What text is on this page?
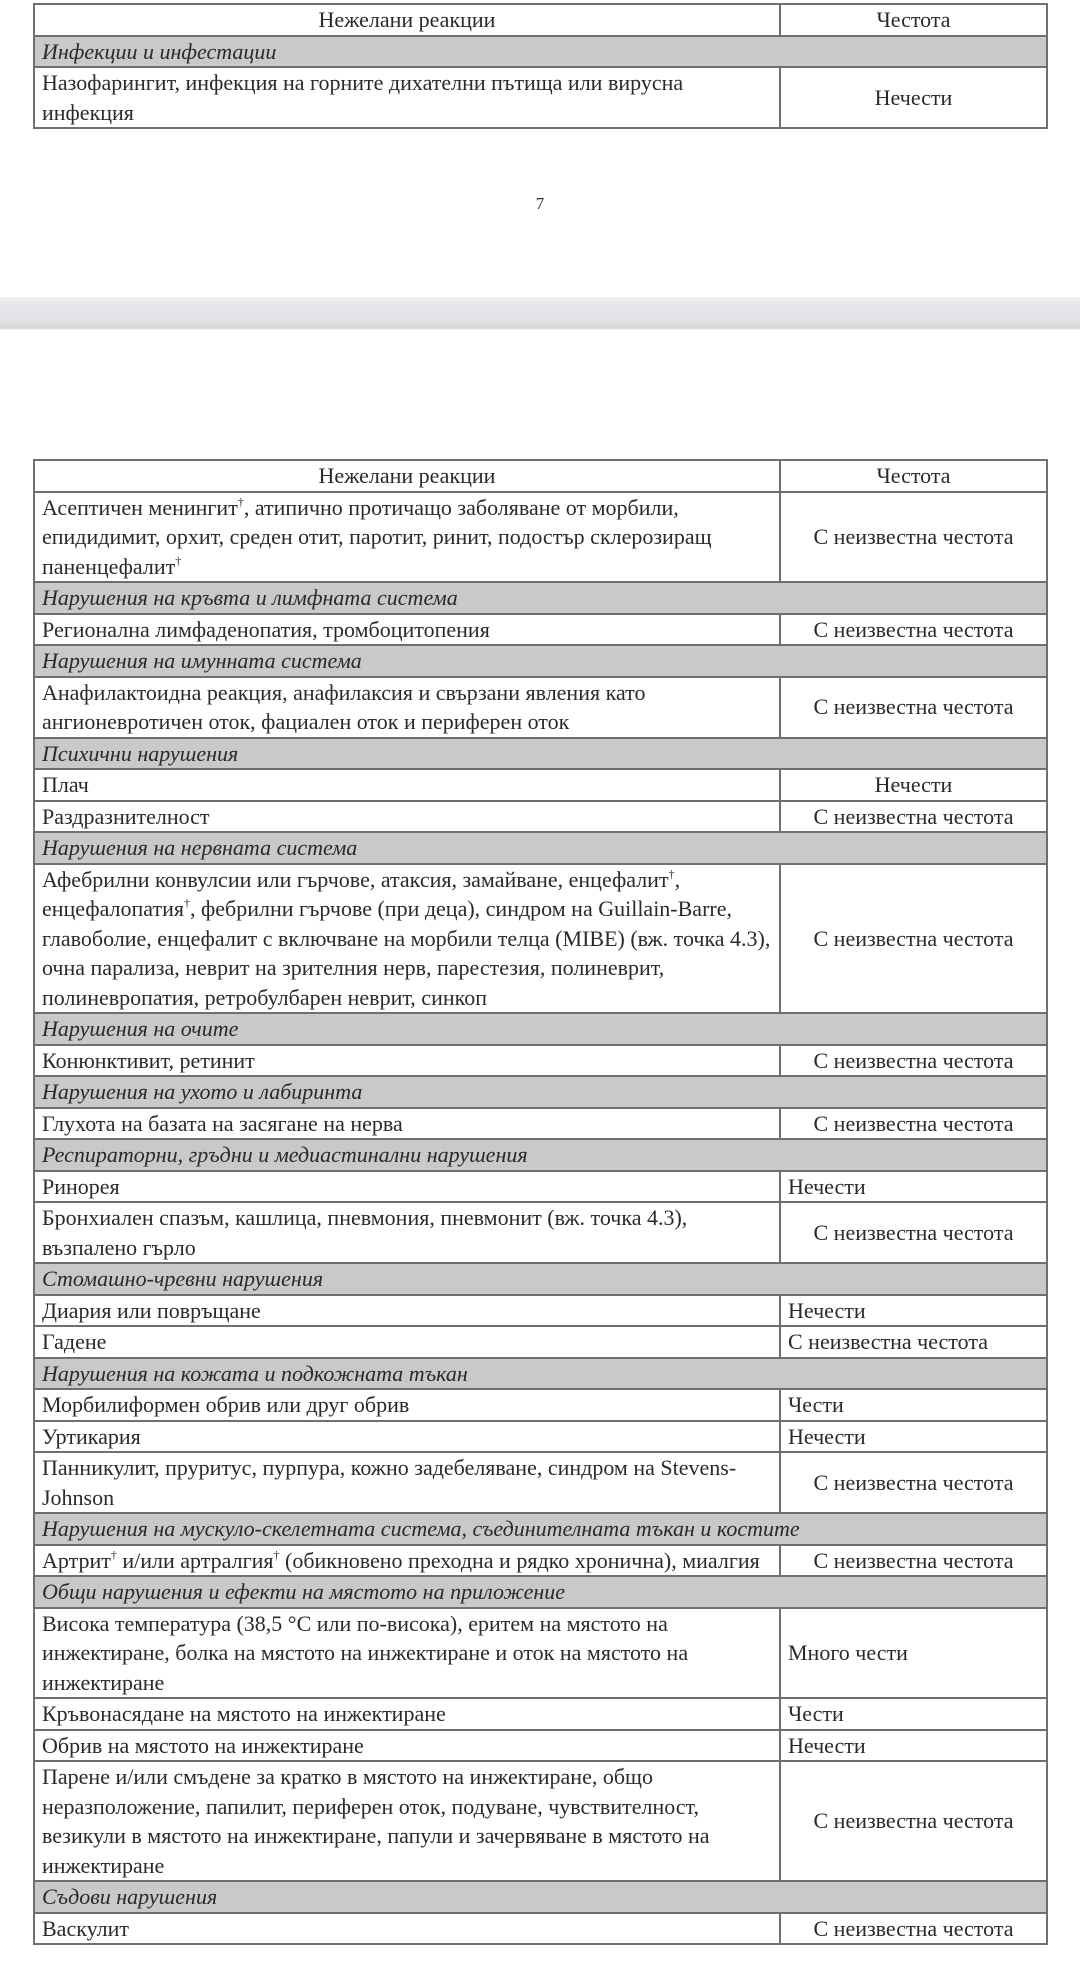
Нежелани реакции	Честота
Инфекции и инфестации	
Назофарингит, инфекция на горните дихателни пътища или вирусна инфекция	Нечести
7
Нежелани реакции	Честота
Асептичен менингит†, атипично протичащо заболяване от морбили, епидидимит, орхит, среден отит, паротит, ринит, подостър склерозиращ паненцефалит†	С неизвестна честота
Нарушения на кръвта и лимфната система	
Регионална лимфаденопатия, тромбоцитопения	С неизвестна честота
Нарушения на имунната система	
Анафилактоидна реакция, анафилаксия и свързани явления като ангионевротичен оток, фациален оток и периферен оток	С неизвестна честота
Психични нарушения	
Плач	Нечести
Раздразнителност	С неизвестна честота
Нарушения на нервната система	
Афебрилни конвулсии или гърчове, атаксия, замайване, енцефалит†, енцефалопатия†, фебрилни гърчове (при деца), синдром на Guillain-Barre, главоболие, енцефалит с включване на морбили телца (MIBE) (вж. точка 4.3), очна парализа, неврит на зрителния нерв, парестезия, полиневрит, полиневропатия, ретробулбарен неврит, синкоп	С неизвестна честота
Нарушения на очите	
Конюнктивит, ретинит	С неизвестна честота
Нарушения на ухото и лабиринта	
Глухота на базата на засягане на нерва	С неизвестна честота
Респираторни, гръдни и медиастинални нарушения	
Ринорея	Нечести
Бронхиален спазъм, кашлица, пневмония, пневмонит (вж. точка 4.3), възпалено гърло	С неизвестна честота
Стомашно-чревни нарушения	
Диария или повръщане	Нечести
Гадене	С неизвестна честота
Нарушения на кожата и подкожната тъкан	
Морбилиформен обрив или друг обрив	Чести
Уртикария	Нечести
Панникулит, пруритус, пурпура, кожно задебеляване, синдром на Stevens-Johnson	С неизвестна честота
Нарушения на мускуло-скелетната система, съединителната тъкан и костите	
Артрит† и/или артралгия† (обикновено преходна и рядко хронична), миалгия	С неизвестна честота
Общи нарушения и ефекти на мястото на приложение	
Висока температура (38,5 °C или по-висока), еритем на мястото на инжектиране, болка на мястото на инжектиране и оток на мястото на инжектиране	Много чести
Кръвонасядане на мястото на инжектиране	Чести
Обрив на мястото на инжектиране	Нечести
Парене и/или смъдене за кратко в мястото на инжектиране, общо неразположение, папилит, периферен оток, подуване, чувствителност, везикули в мястото на инжектиране, папули и зачервяване в мястото на инжектиране	С неизвестна честота
Съдови нарушения	
Васкулит	С неизвестна честота
